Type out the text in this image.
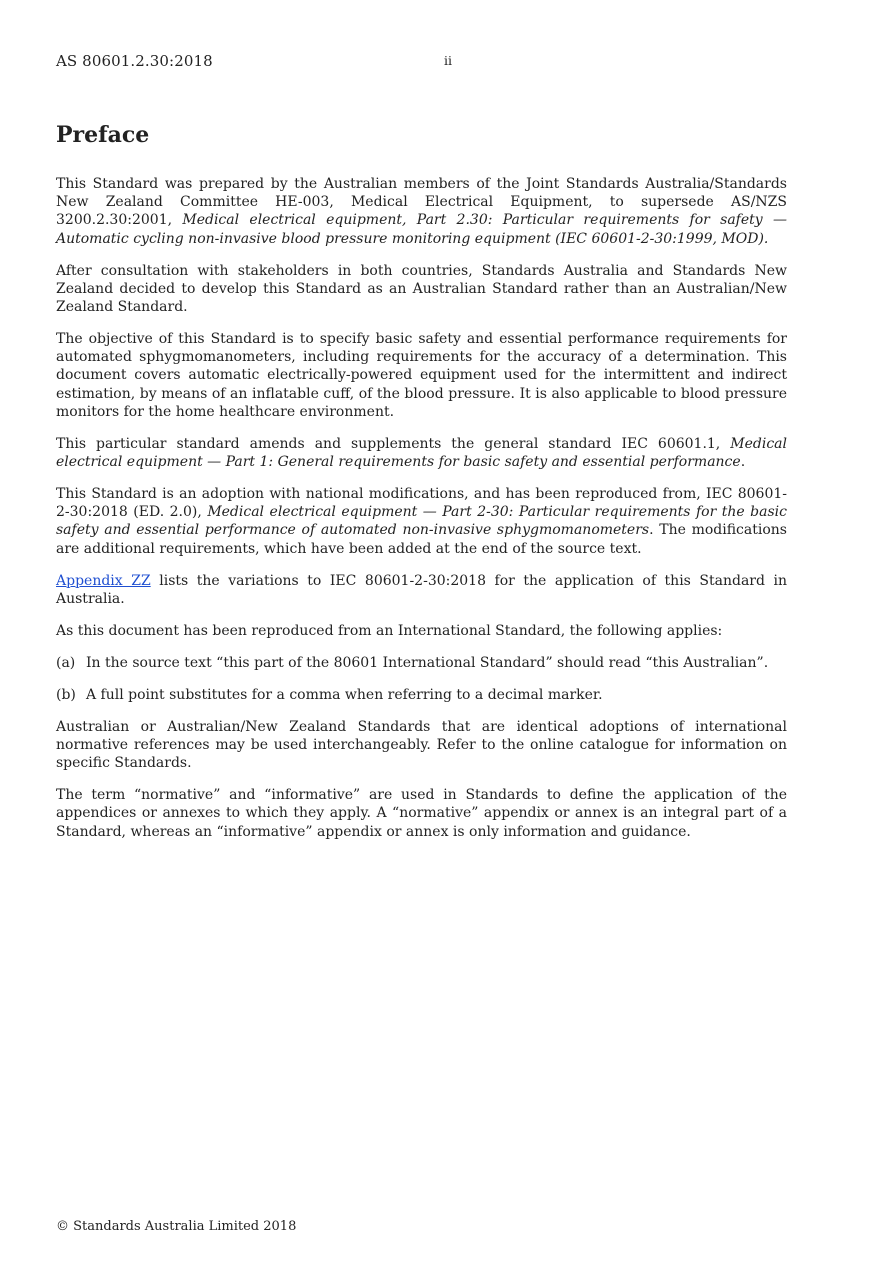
AS 80601.2.30:2018	ii
Preface

This Standard was prepared by the Australian members of the Joint Standards Australia/Standards New Zealand Committee HE-003, Medical Electrical Equipment, to supersede AS/NZS 3200.2.30:2001, Medical electrical equipment, Part 2.30: Particular requirements for safety — Automatic cycling non-invasive blood pressure monitoring equipment (IEC 60601-2-30:1999, MOD).

After consultation with stakeholders in both countries, Standards Australia and Standards New Zealand decided to develop this Standard as an Australian Standard rather than an Australian/New Zealand Standard.

The objective of this Standard is to specify basic safety and essential performance requirements for automated sphygmomanometers, including requirements for the accuracy of a determination. This document covers automatic electrically-powered equipment used for the intermittent and indirect estimation, by means of an inflatable cuff, of the blood pressure. It is also applicable to blood pressure monitors for the home healthcare environment.

This particular standard amends and supplements the general standard IEC 60601.1, Medical electrical equipment — Part 1: General requirements for basic safety and essential performance.

This Standard is an adoption with national modifications, and has been reproduced from, IEC 80601-2-30:2018 (ED. 2.0), Medical electrical equipment — Part 2-30: Particular requirements for the basic safety and essential performance of automated non-invasive sphygmomanometers. The modifications are additional requirements, which have been added at the end of the source text.

Appendix ZZ lists the variations to IEC 80601-2-30:2018 for the application of this Standard in Australia.

As this document has been reproduced from an International Standard, the following applies:

(a) In the source text “this part of the 80601 International Standard” should read “this Australian”.
(b) A full point substitutes for a comma when referring to a decimal marker.

Australian or Australian/New Zealand Standards that are identical adoptions of international normative references may be used interchangeably. Refer to the online catalogue for information on specific Standards.

The term “normative” and “informative” are used in Standards to define the application of the appendices or annexes to which they apply. A “normative” appendix or annex is an integral part of a Standard, whereas an “informative” appendix or annex is only information and guidance.

© Standards Australia Limited 2018
